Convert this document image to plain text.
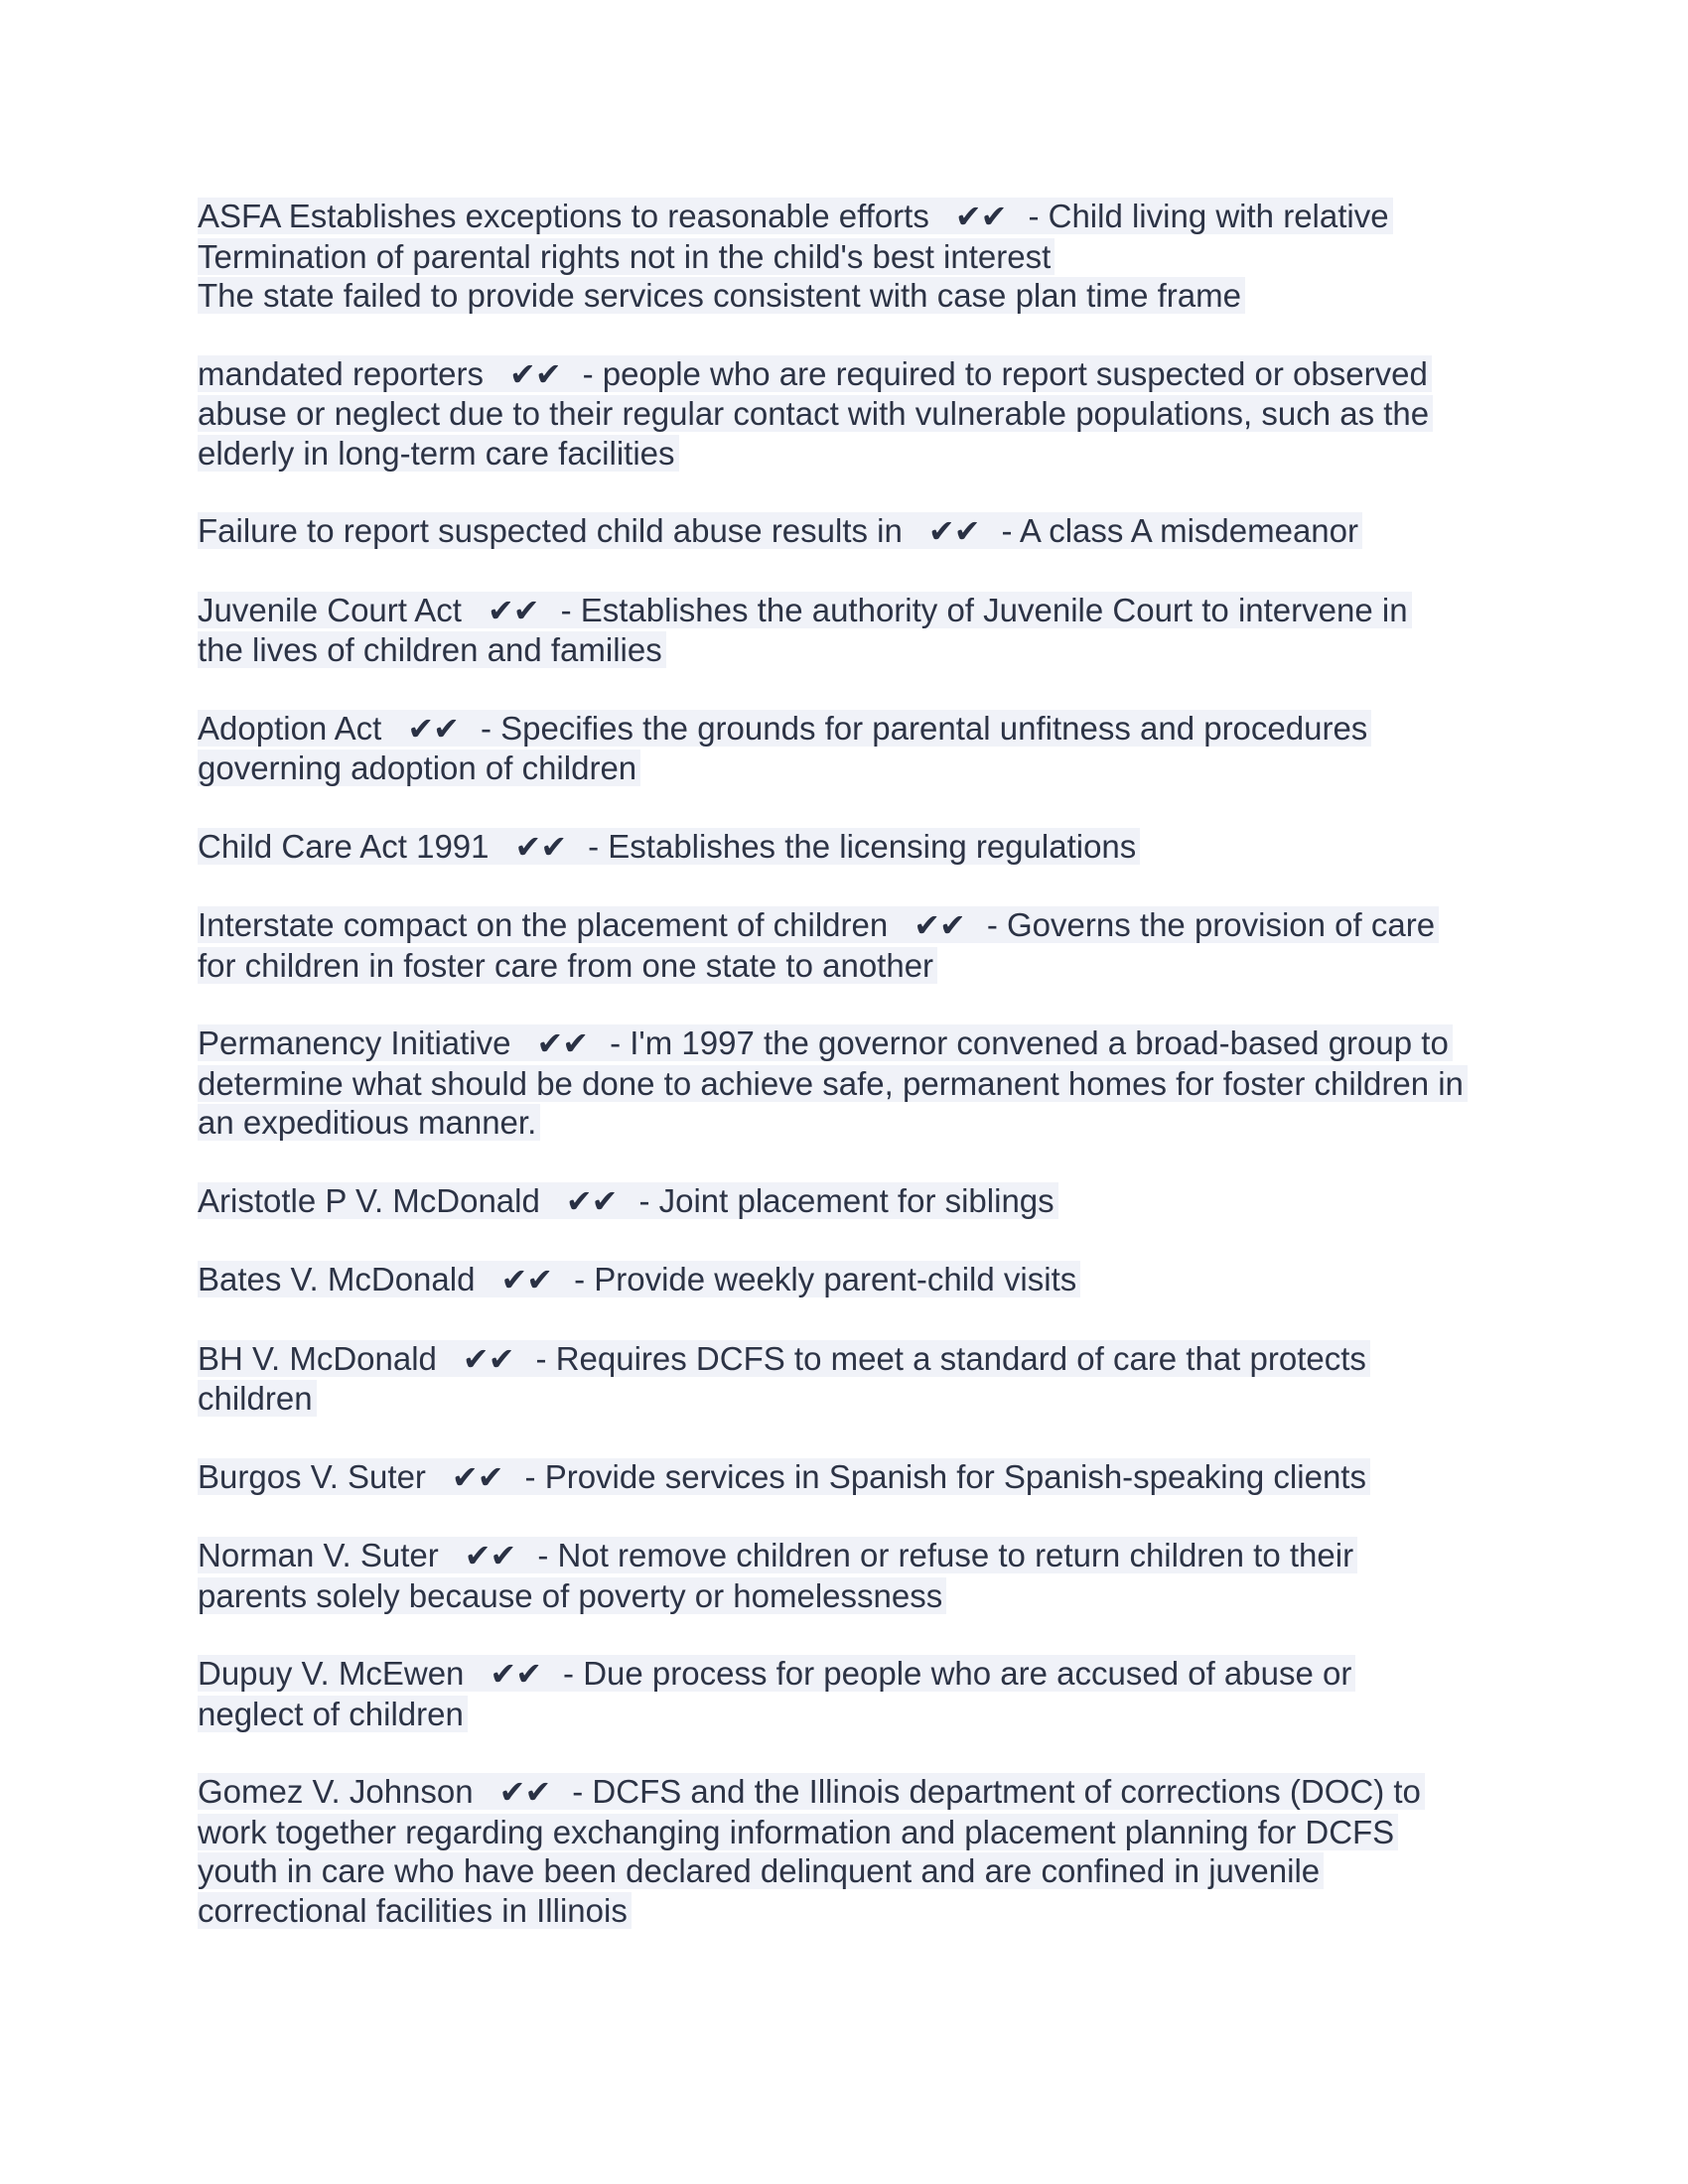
ASFA Establishes exceptions to reasonable efforts ✔✔ - Child living with relative
Termination of parental rights not in the child's best interest
The state failed to provide services consistent with case plan time frame
mandated reporters ✔✔ - people who are required to report suspected or observed
abuse or neglect due to their regular contact with vulnerable populations, such as the
elderly in long-term care facilities
Failure to report suspected child abuse results in ✔✔ - A class A misdemeanor
Juvenile Court Act ✔✔ - Establishes the authority of Juvenile Court to intervene in
the lives of children and families
Adoption Act ✔✔ - Specifies the grounds for parental unfitness and procedures
governing adoption of children
Child Care Act 1991 ✔✔ - Establishes the licensing regulations
Interstate compact on the placement of children ✔✔ - Governs the provision of care
for children in foster care from one state to another
Permanency Initiative ✔✔ - I'm 1997 the governor convened a broad-based group to
determine what should be done to achieve safe, permanent homes for foster children in
an expeditious manner.
Aristotle P V. McDonald ✔✔ - Joint placement for siblings
Bates V. McDonald ✔✔ - Provide weekly parent-child visits
BH V. McDonald ✔✔ - Requires DCFS to meet a standard of care that protects
children
Burgos V. Suter ✔✔ - Provide services in Spanish for Spanish-speaking clients
Norman V. Suter ✔✔ - Not remove children or refuse to return children to their
parents solely because of poverty or homelessness
Dupuy V. McEwen ✔✔ - Due process for people who are accused of abuse or
neglect of children
Gomez V. Johnson ✔✔ - DCFS and the Illinois department of corrections (DOC) to
work together regarding exchanging information and placement planning for DCFS
youth in care who have been declared delinquent and are confined in juvenile
correctional facilities in Illinois
